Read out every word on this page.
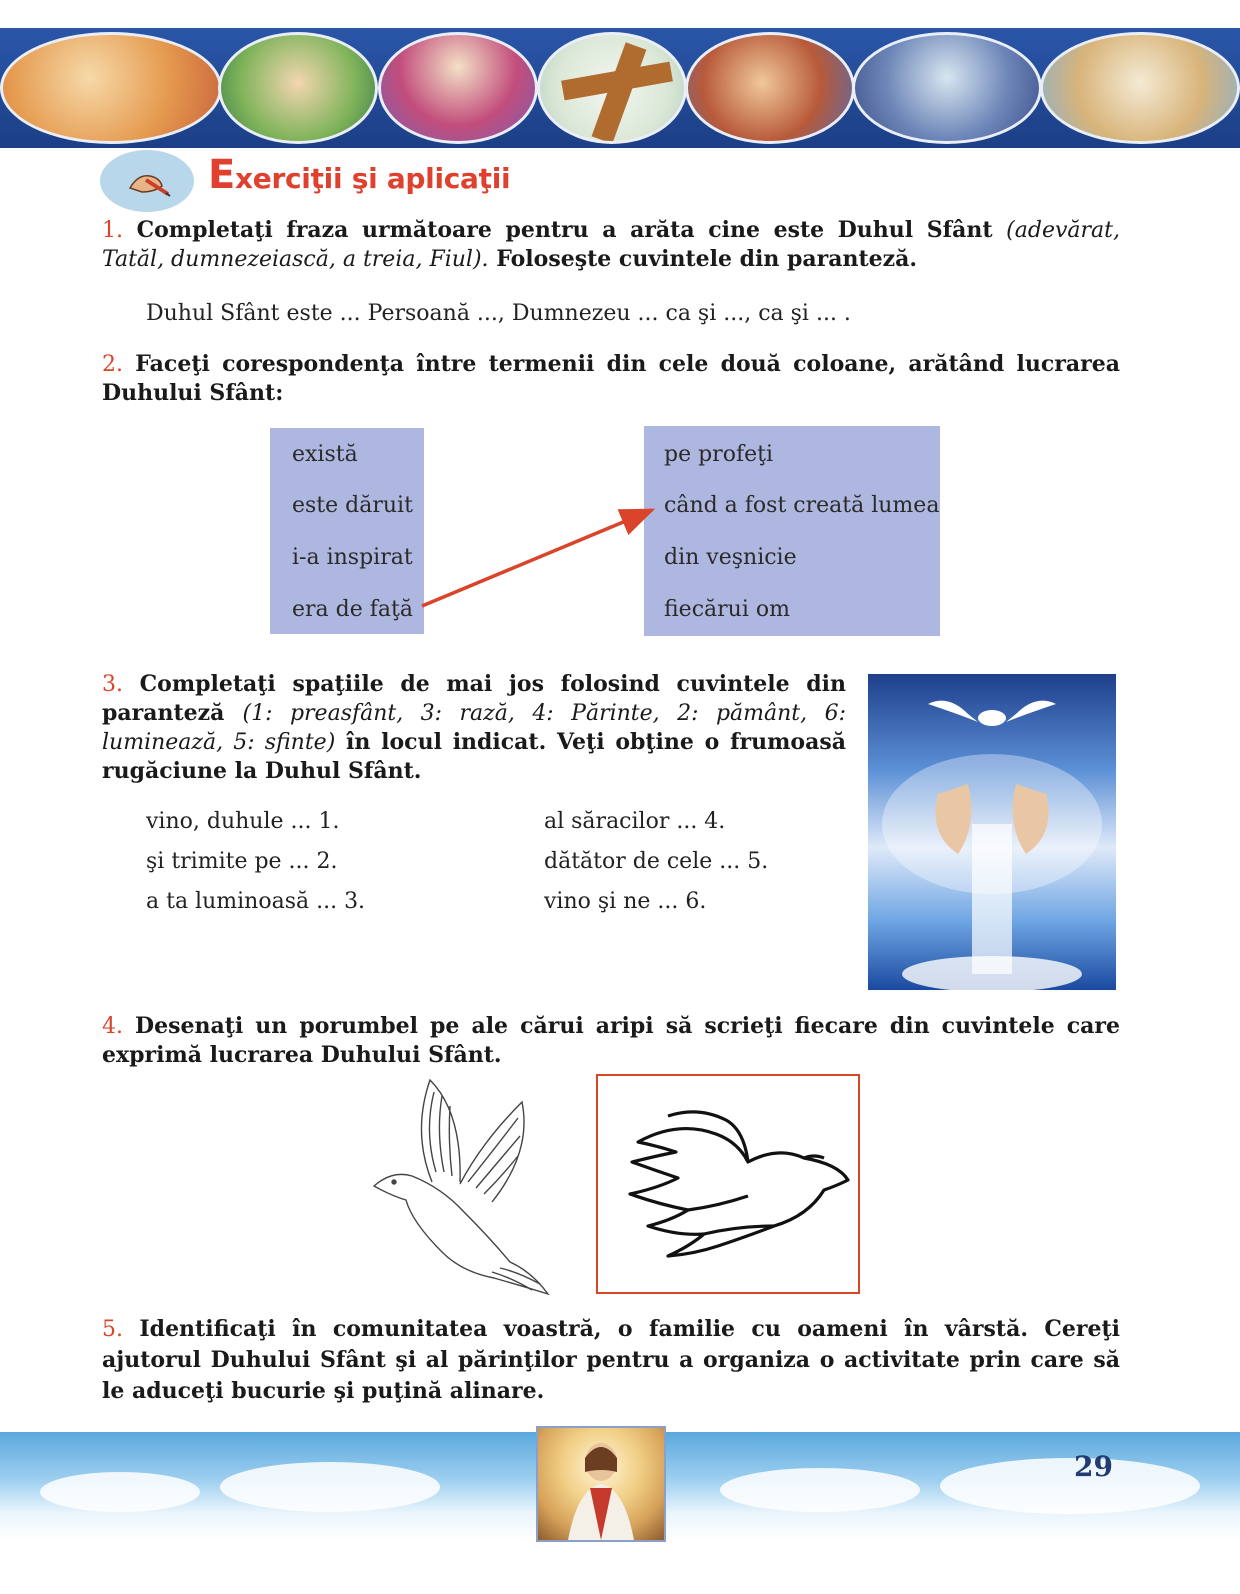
Exerciţii şi aplicaţii
1. Completaţi fraza următoare pentru a arăta cine este Duhul Sfânt (adevărat, Tatăl, dumnezeiască, a treia, Fiul). Foloseşte cuvintele din paranteză.
Duhul Sfânt este ... Persoană ..., Dumnezeu ... ca şi ..., ca şi ... .
2. Faceţi corespondenţa între termenii din cele două coloane, arătând lucrarea Duhului Sfânt:
există
este dăruit
i-a inspirat
era de faţă
pe profeţi
când a fost creată lumea
din veşnicie
fiecărui om
3. Completaţi spaţiile de mai jos folosind cuvintele din paranteză (1: preasfânt, 3: rază, 4: Părinte, 2: pământ, 6: luminează, 5: sfinte) în locul indicat. Veţi obţine o frumoasă rugăciune la Duhul Sfânt.
vino, duhule ... 1.
şi trimite pe ... 2.
a ta luminoasă ... 3.
al săracilor ... 4.
dătător de cele ... 5.
vino şi ne ... 6.
4. Desenaţi un porumbel pe ale cărui aripi să scrieţi fiecare din cuvintele care exprimă lucrarea Duhului Sfânt.
5. Identificaţi în comunitatea voastră, o familie cu oameni în vârstă. Cereţi ajutorul Duhului Sfânt şi al părinţilor pentru a organiza o activitate prin care să le aduceţi bucurie şi puţină alinare.
29
